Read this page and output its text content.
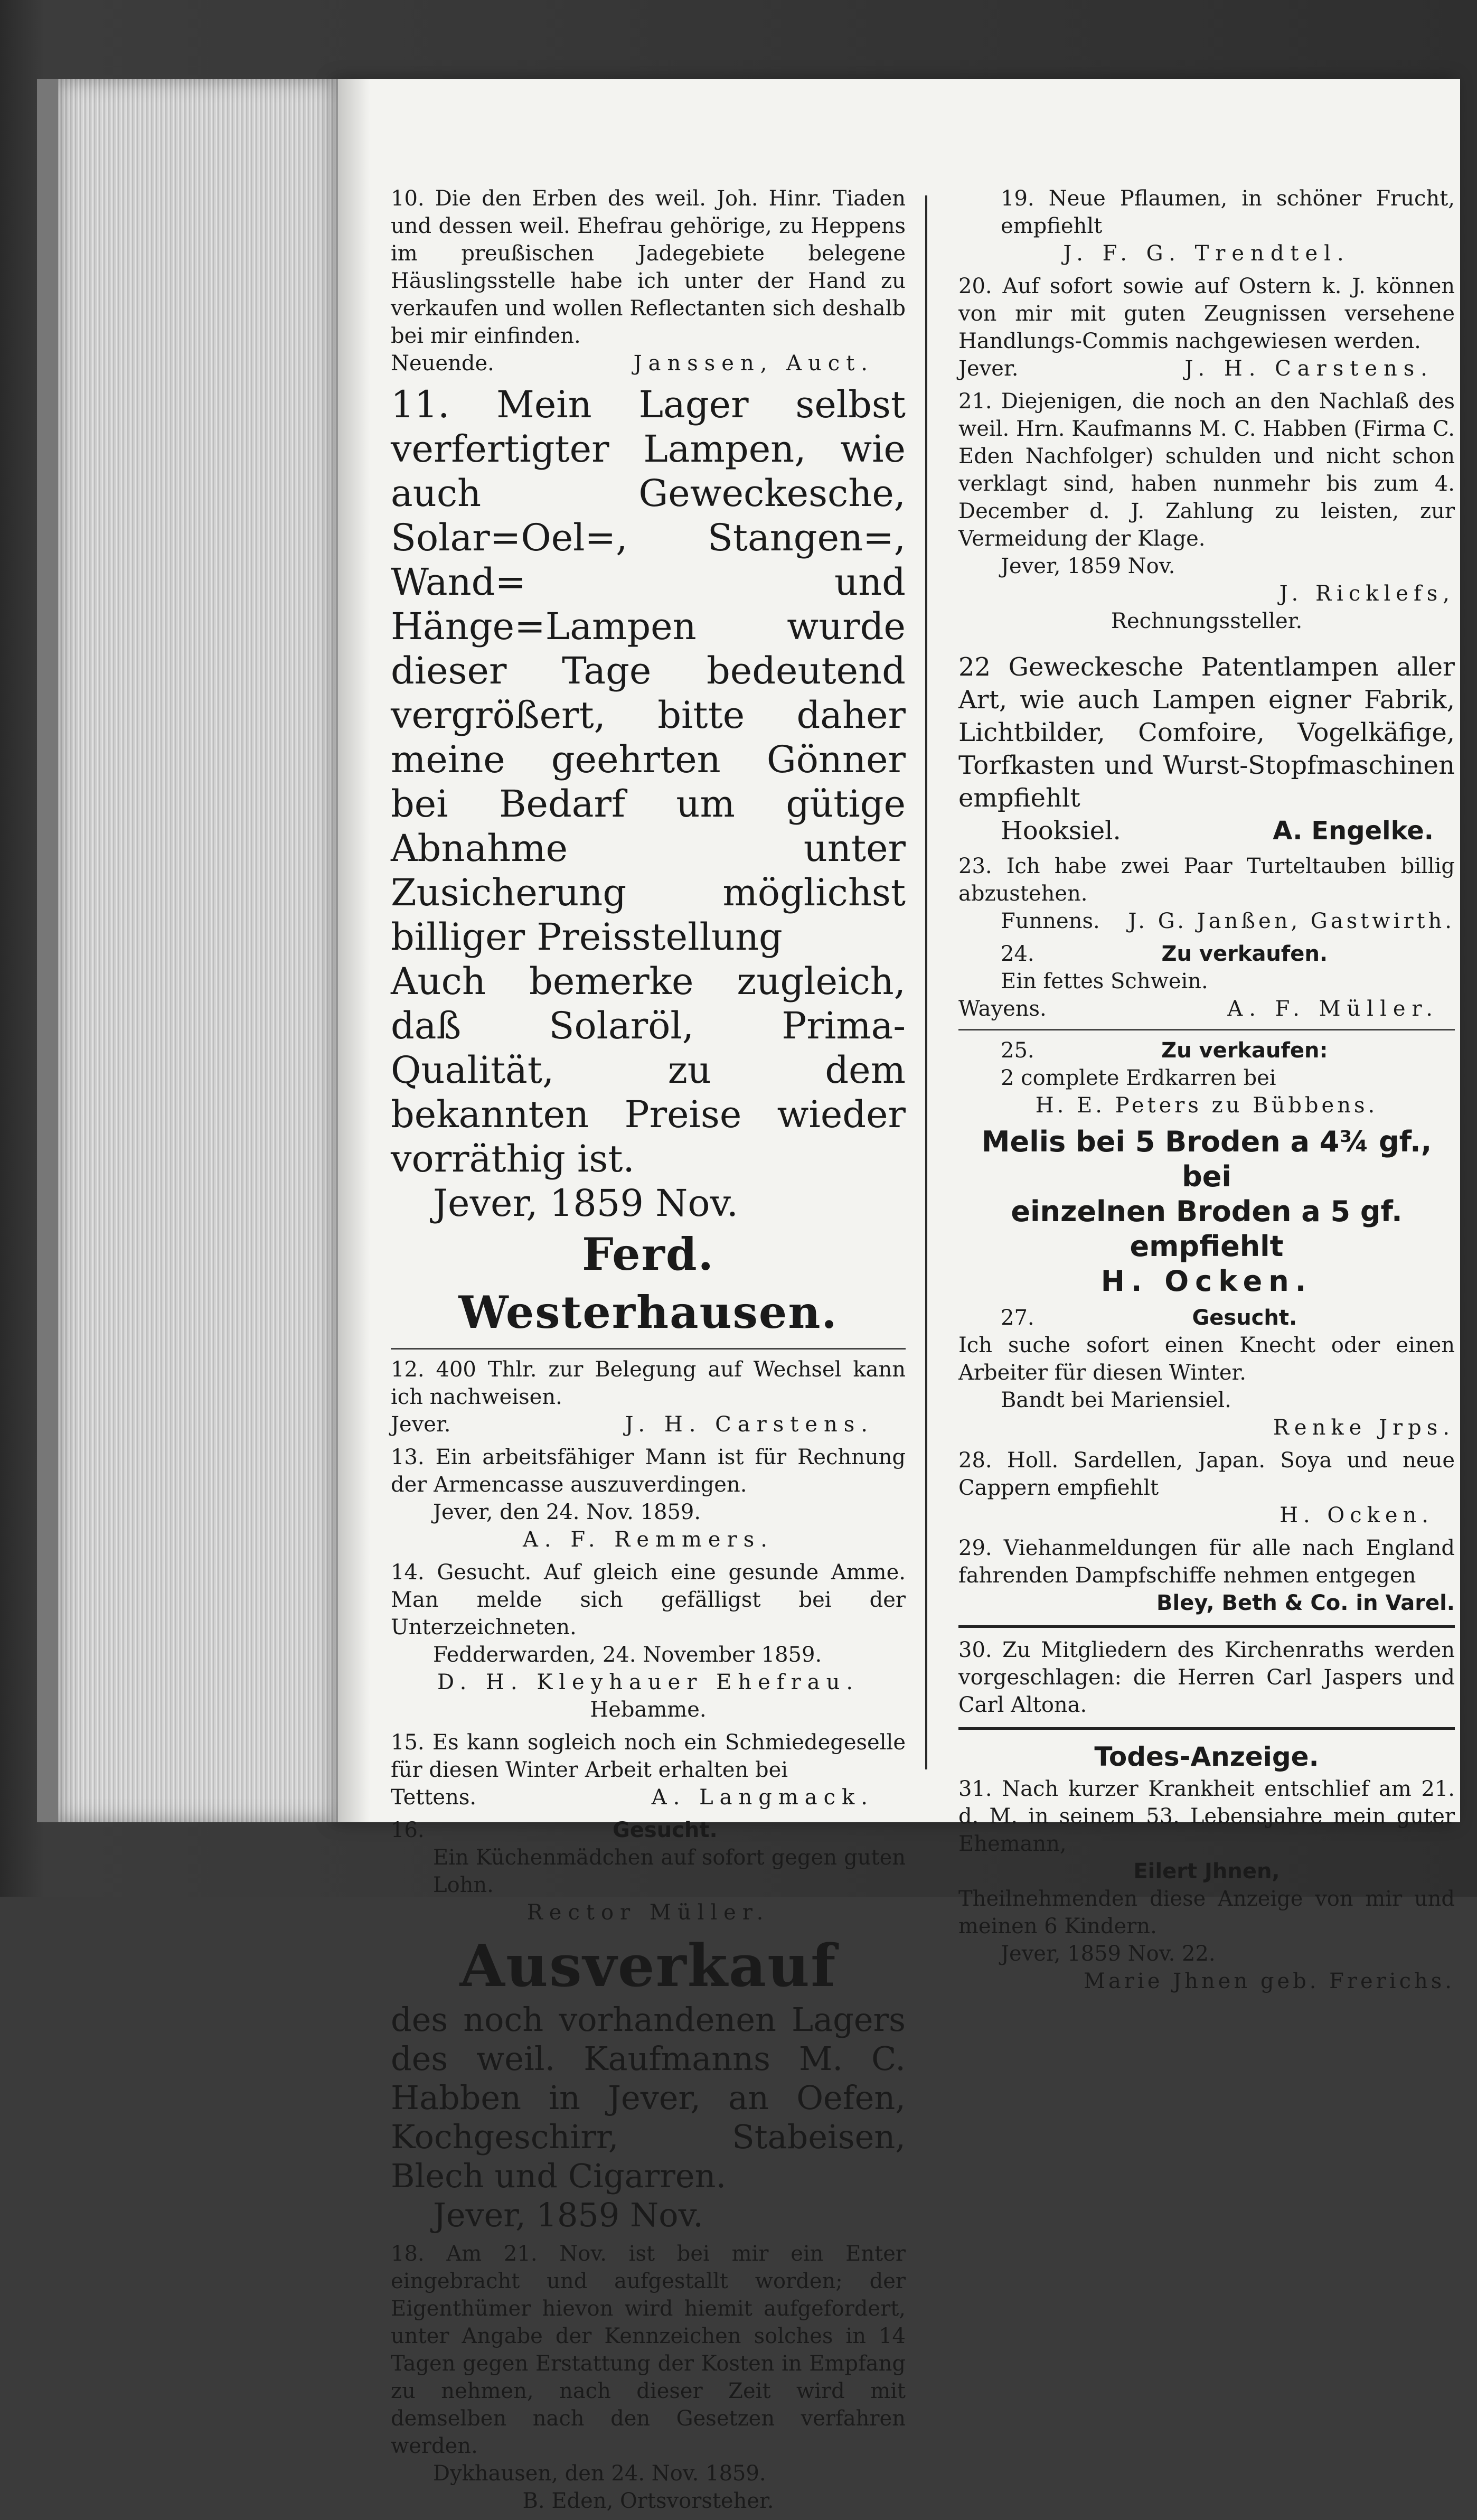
10. Die den Erben des weil. Joh. Hinr. Tiaden und dessen weil. Ehefrau gehörige, zu Heppens im preußischen Jadegebiete belegene Häuslingsstelle habe ich unter der Hand zu verkaufen und wollen Reflectanten sich deshalb bei mir einfinden.

Neuende.	Janssen, Auct.

11. Mein Lager selbst verfertigter Lampen, wie auch Geweckesche, Solar=Oel=, Stangen=, Wand= und Hänge=Lampen wurde dieser Tage bedeutend vergrößert, bitte daher meine geehrten Gönner bei Bedarf um gütige Abnahme unter Zusicherung möglichst billiger Preisstellung

Auch bemerke zugleich, daß Solaröl, Prima-Qualität, zu dem bekannten Preise wieder vorräthig ist.

Jever, 1859 Nov.

Ferd. Westerhausen.

12. 400 Thlr. zur Belegung auf Wechsel kann ich nachweisen.

Jever.	J. H. Carstens.

13. Ein arbeitsfähiger Mann ist für Rechnung der Armencasse auszuverdingen.

Jever, den 24. Nov. 1859.

A. F. Remmers.

14. Gesucht. Auf gleich eine gesunde Amme. Man melde sich gefälligst bei der Unterzeichneten.

Fedderwarden, 24. November 1859.

D. H. Kleyhauer Ehefrau.

Hebamme.

15. Es kann sogleich noch ein Schmiedegeselle für diesen Winter Arbeit erhalten bei

Tettens.	A. Langmack.
16.	Gesucht.

Ein Küchenmädchen auf sofort gegen guten Lohn.

Rector Müller.

Ausverkauf

des noch vorhandenen Lagers des weil. Kaufmanns M. C. Habben in Jever, an Oefen, Kochgeschirr, Stabeisen, Blech und Cigarren.

Jever, 1859 Nov.

18. Am 21. Nov. ist bei mir ein Enter eingebracht und aufgestallt worden; der Eigenthümer hievon wird hiemit aufgefordert, unter Angabe der Kennzeichen solches in 14 Tagen gegen Erstattung der Kosten in Empfang zu nehmen, nach dieser Zeit wird mit demselben nach den Gesetzen verfahren werden.

Dykhausen, den 24. Nov. 1859.

B. Eden, Ortsvorsteher.

19. Neue Pflaumen, in schöner Frucht, empfiehlt

J. F. G. Trendtel.

20. Auf sofort sowie auf Ostern k. J. können von mir mit guten Zeugnissen versehene Handlungs-Commis nachgewiesen werden.

Jever.	J. H. Carstens.

21. Diejenigen, die noch an den Nachlaß des weil. Hrn. Kaufmanns M. C. Habben (Firma C. Eden Nachfolger) schulden und nicht schon verklagt sind, haben nunmehr bis zum 4. December d. J. Zahlung zu leisten, zur Vermeidung der Klage.

Jever, 1859 Nov.

J. Ricklefs,

Rechnungssteller.

22 Geweckesche Patentlampen aller Art, wie auch Lampen eigner Fabrik, Lichtbilder, Comfoire, Vogelkäfige, Torfkasten und Wurst-Stopfmaschinen empfiehlt

Hooksiel.	A. Engelke.

23. Ich habe zwei Paar Turteltauben billig abzustehen.

Funnens. J. G. Janßen, Gastwirth.
24.	Zu verkaufen.

Ein fettes Schwein.

Wayens.	A. F. Müller.
25.	Zu verkaufen:

2 complete Erdkarren bei

H. E. Peters zu Bübbens.

Melis bei 5 Broden a 4¾ gf., bei

einzelnen Broden a 5 gf. empfiehlt

H. Ocken.

27.	Gesucht.

Ich suche sofort einen Knecht oder einen Arbeiter für diesen Winter.

Bandt bei Mariensiel.

Renke Jrps.

28. Holl. Sardellen, Japan. Soya und neue Cappern empfiehlt

H. Ocken.

29. Viehanmeldungen für alle nach England fahrenden Dampfschiffe nehmen entgegen

Bley, Beth & Co. in Varel.

30. Zu Mitgliedern des Kirchenraths werden vorgeschlagen: die Herren Carl Jaspers und Carl Altona.

Todes-Anzeige.

31. Nach kurzer Krankheit entschlief am 21. d. M. in seinem 53. Lebensjahre mein guter Ehemann,

Eilert Jhnen,

Theilnehmenden diese Anzeige von mir und meinen 6 Kindern.

Jever, 1859 Nov. 22.

Marie Jhnen geb. Frerichs.
